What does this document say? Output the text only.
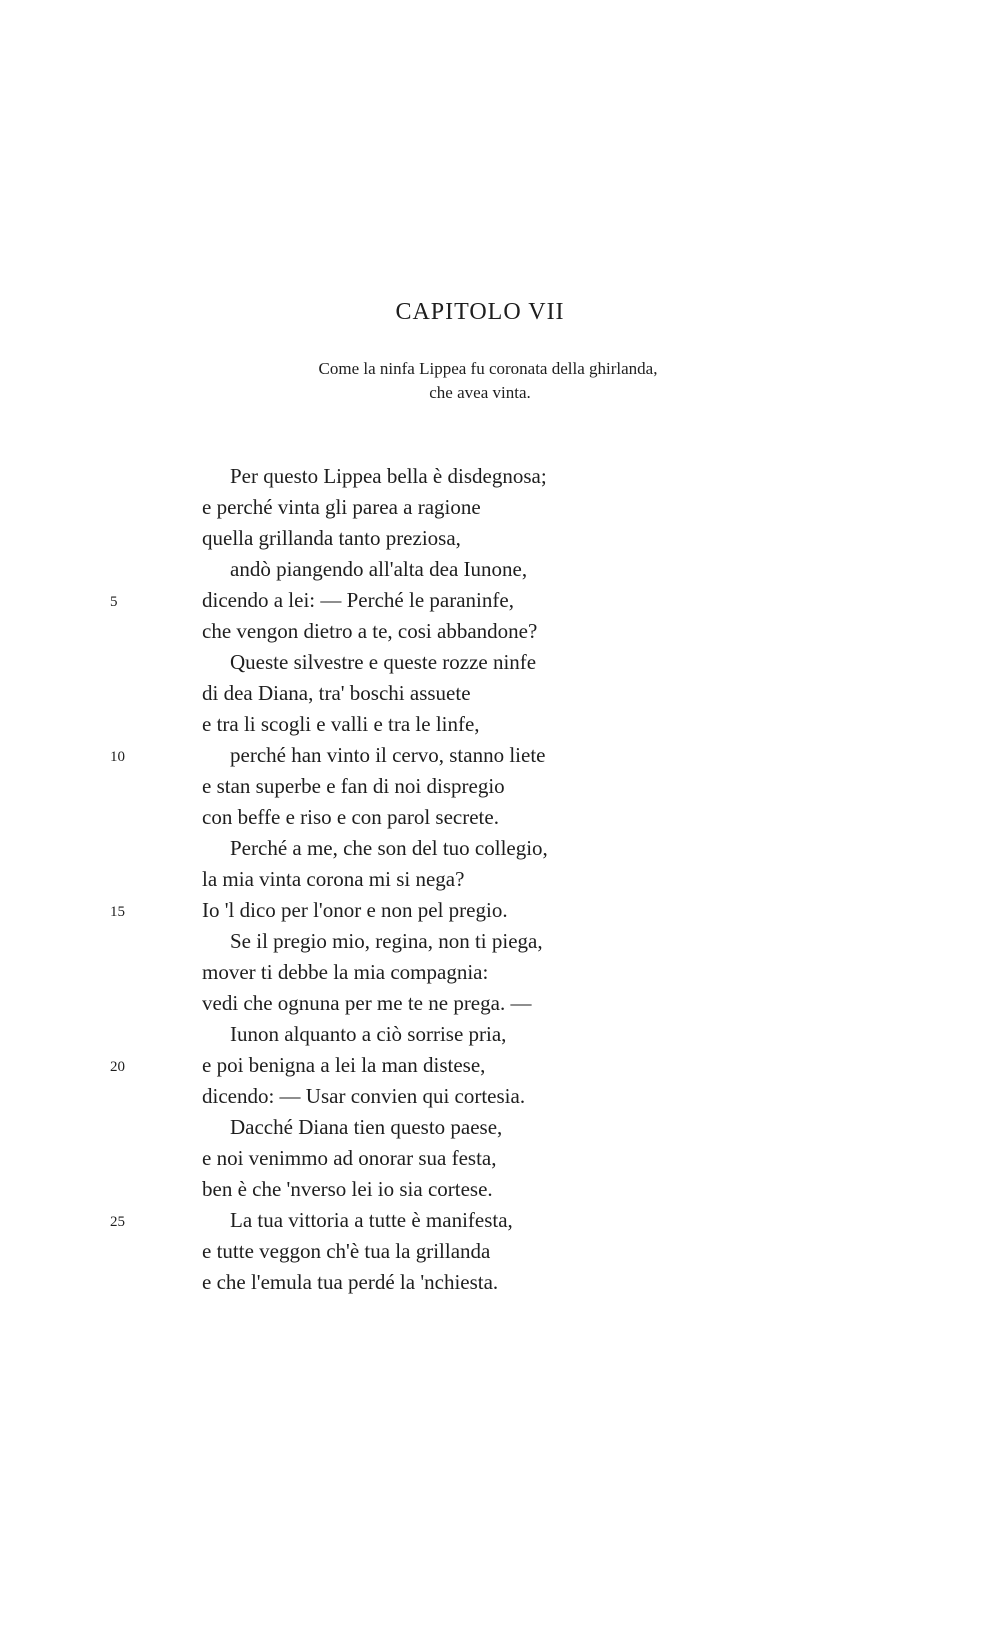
CAPITOLO VII
Come la ninfa Lippea fu coronata della ghirlanda,
che avea vinta.
Per questo Lippea bella è disdegnosa;
e perché vinta gli parea a ragione
quella grillanda tanto preziosa,
andò piangendo all'alta dea Iunone,
dicendo a lei: — Perché le paraninfe,
che vengon dietro a te, cosi abbandone?
Queste silvestre e queste rozze ninfe
di dea Diana, tra' boschi assuete
e tra li scogli e valli e tra le linfe,
perché han vinto il cervo, stanno liete
e stan superbe e fan di noi dispregio
con beffe e riso e con parol secrete.
Perché a me, che son del tuo collegio,
la mia vinta corona mi si nega?
Io 'l dico per l'onor e non pel pregio.
Se il pregio mio, regina, non ti piega,
mover ti debbe la mia compagnia:
vedi che ognuna per me te ne prega. —
Iunon alquanto a ciò sorrise pria,
e poi benigna a lei la man distese,
dicendo: — Usar convien qui cortesia.
Dacché Diana tien questo paese,
e noi venimmo ad onorar sua festa,
ben è che 'nverso lei io sia cortese.
La tua vittoria a tutte è manifesta,
e tutte veggon ch'è tua la grillanda
e che l'emula tua perdé la 'nchiesta.
5
10
15
20
25
